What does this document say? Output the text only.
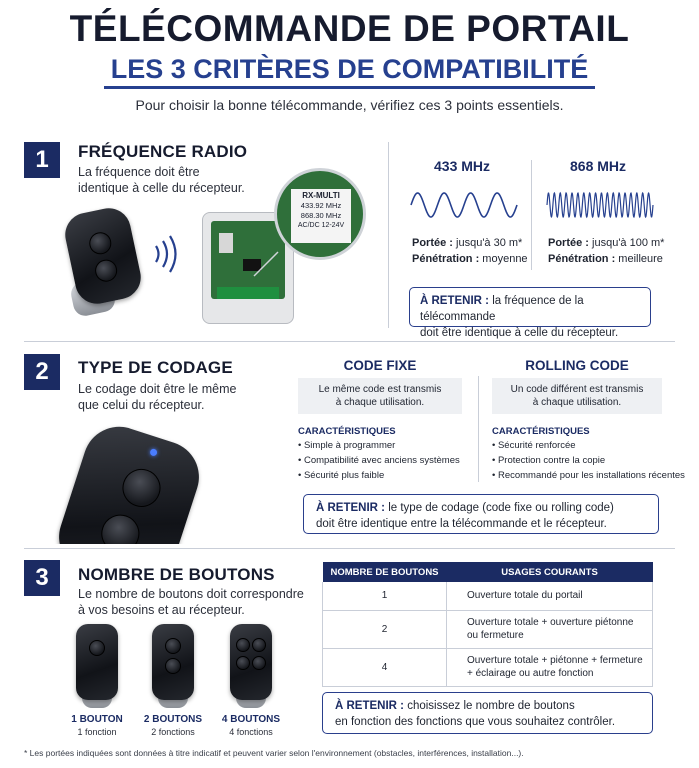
TÉLÉCOMMANDE DE PORTAIL
LES 3 CRITÈRES DE COMPATIBILITÉ
Pour choisir la bonne télécommande, vérifiez ces 3 points essentiels.
1	FRÉQUENCE RADIO
La fréquence doit être
identique à celle du récepteur.
RX-MULTI
433.92 MHz
868.30 MHz
AC/DC 12-24V
433 MHz
Portée : jusqu'à 30 m*
Pénétration : moyenne
868 MHz
Portée : jusqu'à 100 m*
Pénétration : meilleure
À RETENIR : la fréquence de la télécommande
doit être identique à celle du récepteur.
2	TYPE DE CODAGE
Le codage doit être le même
que celui du récepteur.
CODE FIXE
Le même code est transmis
à chaque utilisation.
CARACTÉRISTIQUES
• Simple à programmer
• Compatibilité avec anciens systèmes
• Sécurité plus faible
ROLLING CODE
Un code différent est transmis
à chaque utilisation.
CARACTÉRISTIQUES
• Sécurité renforcée
• Protection contre la copie
• Recommandé pour les installations récentes
À RETENIR : le type de codage (code fixe ou rolling code)
doit être identique entre la télécommande et le récepteur.
3	NOMBRE DE BOUTONS
Le nombre de boutons doit correspondre
à vos besoins et au récepteur.
1 BOUTON
1 fonction
2 BOUTONS
2 fonctions
4 BOUTONS
4 fonctions
NOMBRE DE BOUTONS	USAGES COURANTS
1	Ouverture totale du portail

2	Ouverture totale + ouverture piétonne
ou fermeture

4	Ouverture totale + piétonne + fermeture
+ éclairage ou autre fonction
À RETENIR : choisissez le nombre de boutons
en fonction des fonctions que vous souhaitez contrôler.
* Les portées indiquées sont données à titre indicatif et peuvent varier selon l'environnement (obstacles, interférences, installation...).
